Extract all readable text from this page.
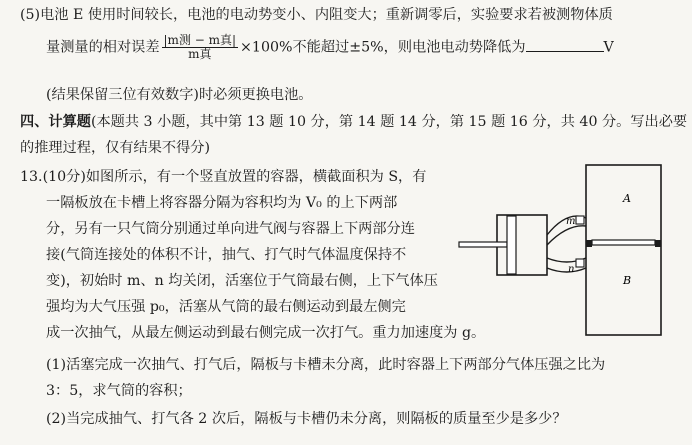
(5)电池 E 使用时间较长，电池的电动势变小、内阻变大；重新调零后，实验要求若被测物体质
量测量的相对误差 $\frac{\text{|m测 − m真|}}{\text{m真}} \times 100\%$不能超过±5%，则电池电动势降低为	V
(结果保留三位有效数字)时必须更换电池。
四、计算题(本题共 3 小题，其中第 13 题 10 分，第 14 题 14 分，第 15 题 16 分，共 40 分。写出必要
的推理过程，仅有结果不得分)
13.(10分)如图所示，有一个竖直放置的容器，横截面积为 S，有
一隔板放在卡槽上将容器分隔为容积均为 V₀ 的上下两部
分，另有一只气筒分别通过单向进气阀与容器上下两部分连
接(气筒连接处的体积不计，抽气、打气时气体温度保持不
变)，初始时 m、n 均关闭，活塞位于气筒最右侧，上下气体压
强均为大气压强 p₀，活塞从气筒的最右侧运动到最左侧完
成一次抽气，从最左侧运动到最右侧完成一次打气。重力加速度为 g。
(1)活塞完成一次抽气、打气后，隔板与卡槽未分离，此时容器上下两部分气体压强之比为
3：5，求气筒的容积；
(2)当完成抽气、打气各 2 次后，隔板与卡槽仍未分离，则隔板的质量至少是多少？
A
B
m
n
